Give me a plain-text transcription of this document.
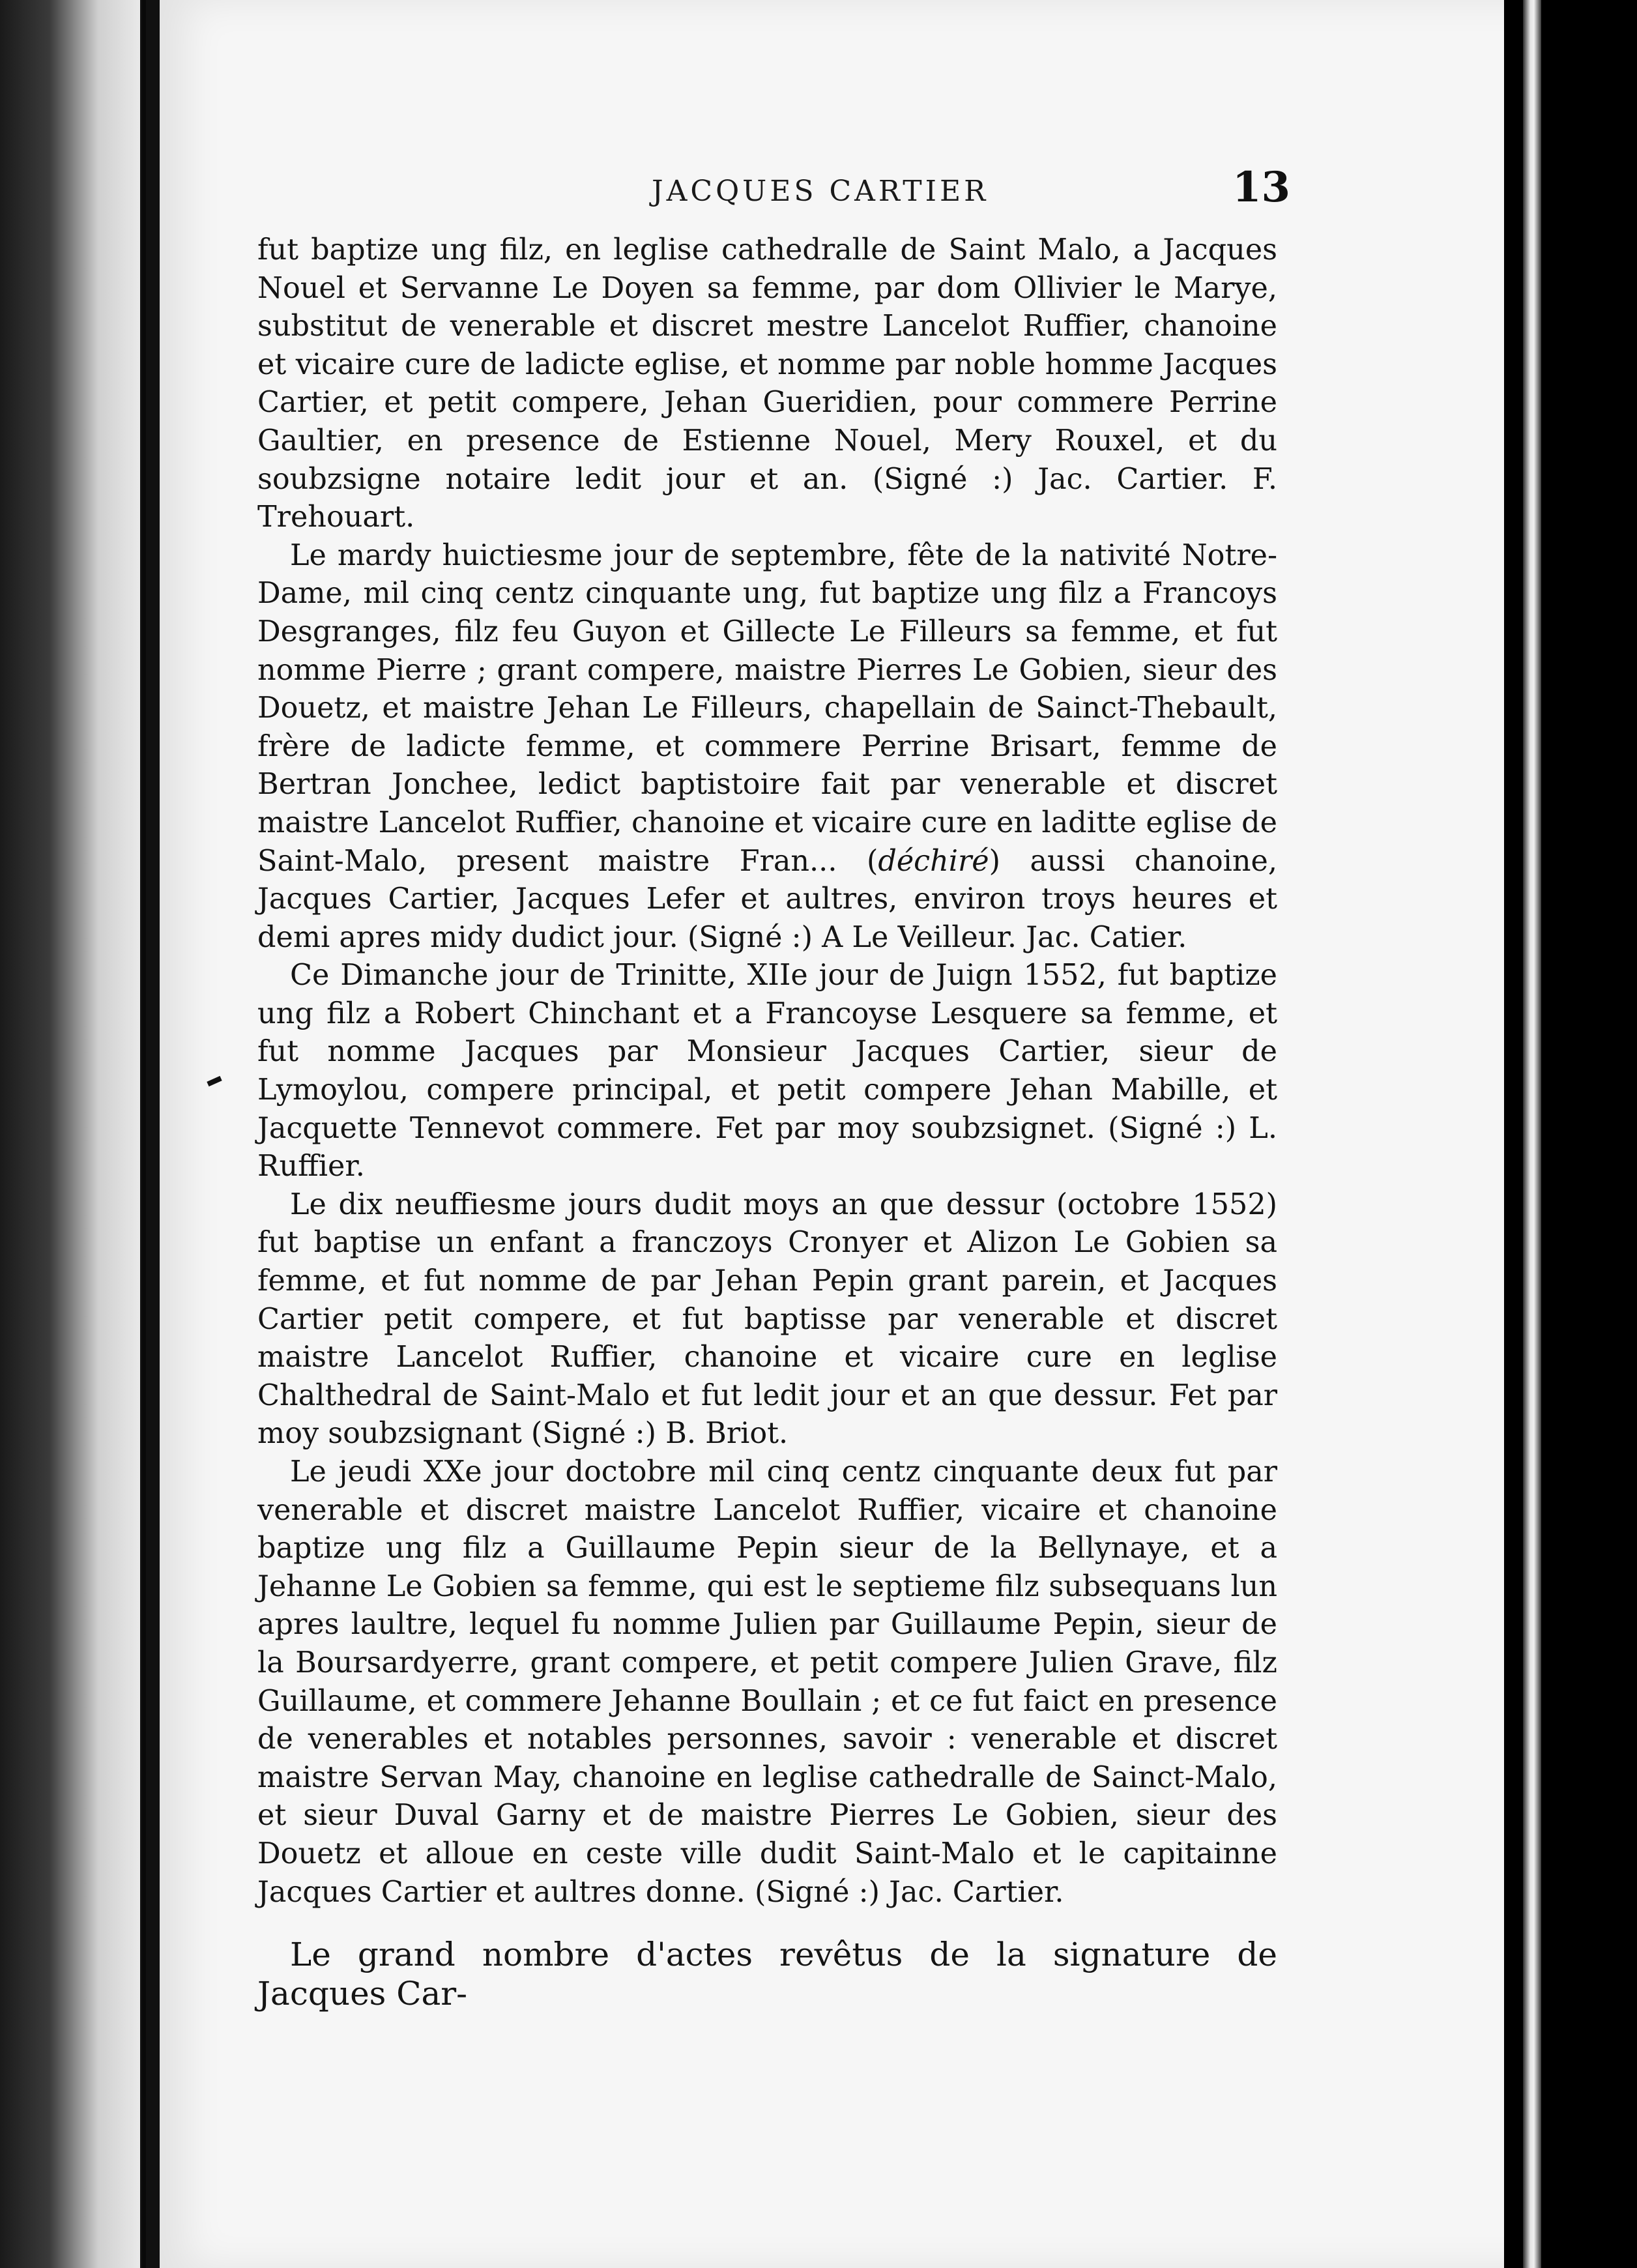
JACQUES CARTIER	13

fut baptize ung filz, en leglise cathedralle de Saint Malo, a Jacques Nouel et Servanne Le Doyen sa femme, par dom Ollivier le Marye, substitut de venerable et discret mestre Lancelot Ruffier, chanoine et vicaire cure de ladicte eglise, et nomme par noble homme Jacques Cartier, et petit compere, Jehan Gueridien, pour commere Perrine Gaultier, en presence de Estienne Nouel, Mery Rouxel, et du soubzsigne notaire ledit jour et an. (Signé :) Jac. Cartier. F. Trehouart.

Le mardy huictiesme jour de septembre, fête de la nativité Notre-Dame, mil cinq centz cinquante ung, fut baptize ung filz a Francoys Desgranges, filz feu Guyon et Gillecte Le Filleurs sa femme, et fut nomme Pierre ; grant compere, maistre Pierres Le Gobien, sieur des Douetz, et maistre Jehan Le Filleurs, chapellain de Sainct-Thebault, frère de ladicte femme, et commere Perrine Brisart, femme de Bertran Jonchee, ledict baptistoire fait par venerable et discret maistre Lancelot Ruffier, chanoine et vicaire cure en laditte eglise de Saint-Malo, present maistre Fran... (déchiré) aussi chanoine, Jacques Cartier, Jacques Lefer et aultres, environ troys heures et demi apres midy dudict jour. (Signé :) A Le Veilleur. Jac. Catier.

Ce Dimanche jour de Trinitte, XIIe jour de Juign 1552, fut baptize ung filz a Robert Chinchant et a Francoyse Lesquere sa femme, et fut nomme Jacques par Monsieur Jacques Cartier, sieur de Lymoylou, compere principal, et petit compere Jehan Mabille, et Jacquette Tennevot commere. Fet par moy soubzsignet. (Signé :) L. Ruffier.

Le dix neuffiesme jours dudit moys an que dessur (octobre 1552) fut baptise un enfant a franczoys Cronyer et Alizon Le Gobien sa femme, et fut nomme de par Jehan Pepin grant parein, et Jacques Cartier petit compere, et fut baptisse par venerable et discret maistre Lancelot Ruffier, chanoine et vicaire cure en leglise Chalthedral de Saint-Malo et fut ledit jour et an que dessur. Fet par moy soubzsignant (Signé :) B. Briot.

Le jeudi XXe jour doctobre mil cinq centz cinquante deux fut par venerable et discret maistre Lancelot Ruffier, vicaire et chanoine baptize ung filz a Guillaume Pepin sieur de la Bellynaye, et a Jehanne Le Gobien sa femme, qui est le septieme filz subsequans lun apres laultre, lequel fu nomme Julien par Guillaume Pepin, sieur de la Boursardyerre, grant compere, et petit compere Julien Grave, filz Guillaume, et commere Jehanne Boullain ; et ce fut faict en presence de venerables et notables personnes, savoir : venerable et discret maistre Servan May, chanoine en leglise cathedralle de Sainct-Malo, et sieur Duval Garny et de maistre Pierres Le Gobien, sieur des Douetz et alloue en ceste ville dudit Saint-Malo et le capitainne Jacques Cartier et aultres donne. (Signé :) Jac. Cartier.

Le grand nombre d'actes revêtus de la signature de Jacques Car-
